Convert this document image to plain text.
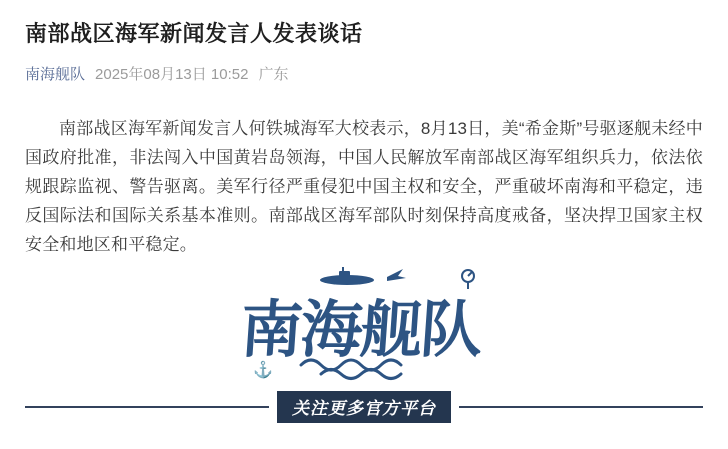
南部战区海军新闻发言人发表谈话
南海舰队 2025年08月13日 10:52 广东

南部战区海军新闻发言人何铁城海军大校表示，8月13日，美“希金斯”号驱逐舰未经中国政府批准，非法闯入中国黄岩岛领海，中国人民解放军南部战区海军组织兵力，依法依规跟踪监视、警告驱离。美军行径严重侵犯中国主权和安全，严重破坏南海和平稳定，违反国际法和国际关系基本准则。南部战区海军部队时刻保持高度戒备，坚决捍卫国家主权安全和地区和平稳定。

南海舰队
⚓
关注更多官方平台
